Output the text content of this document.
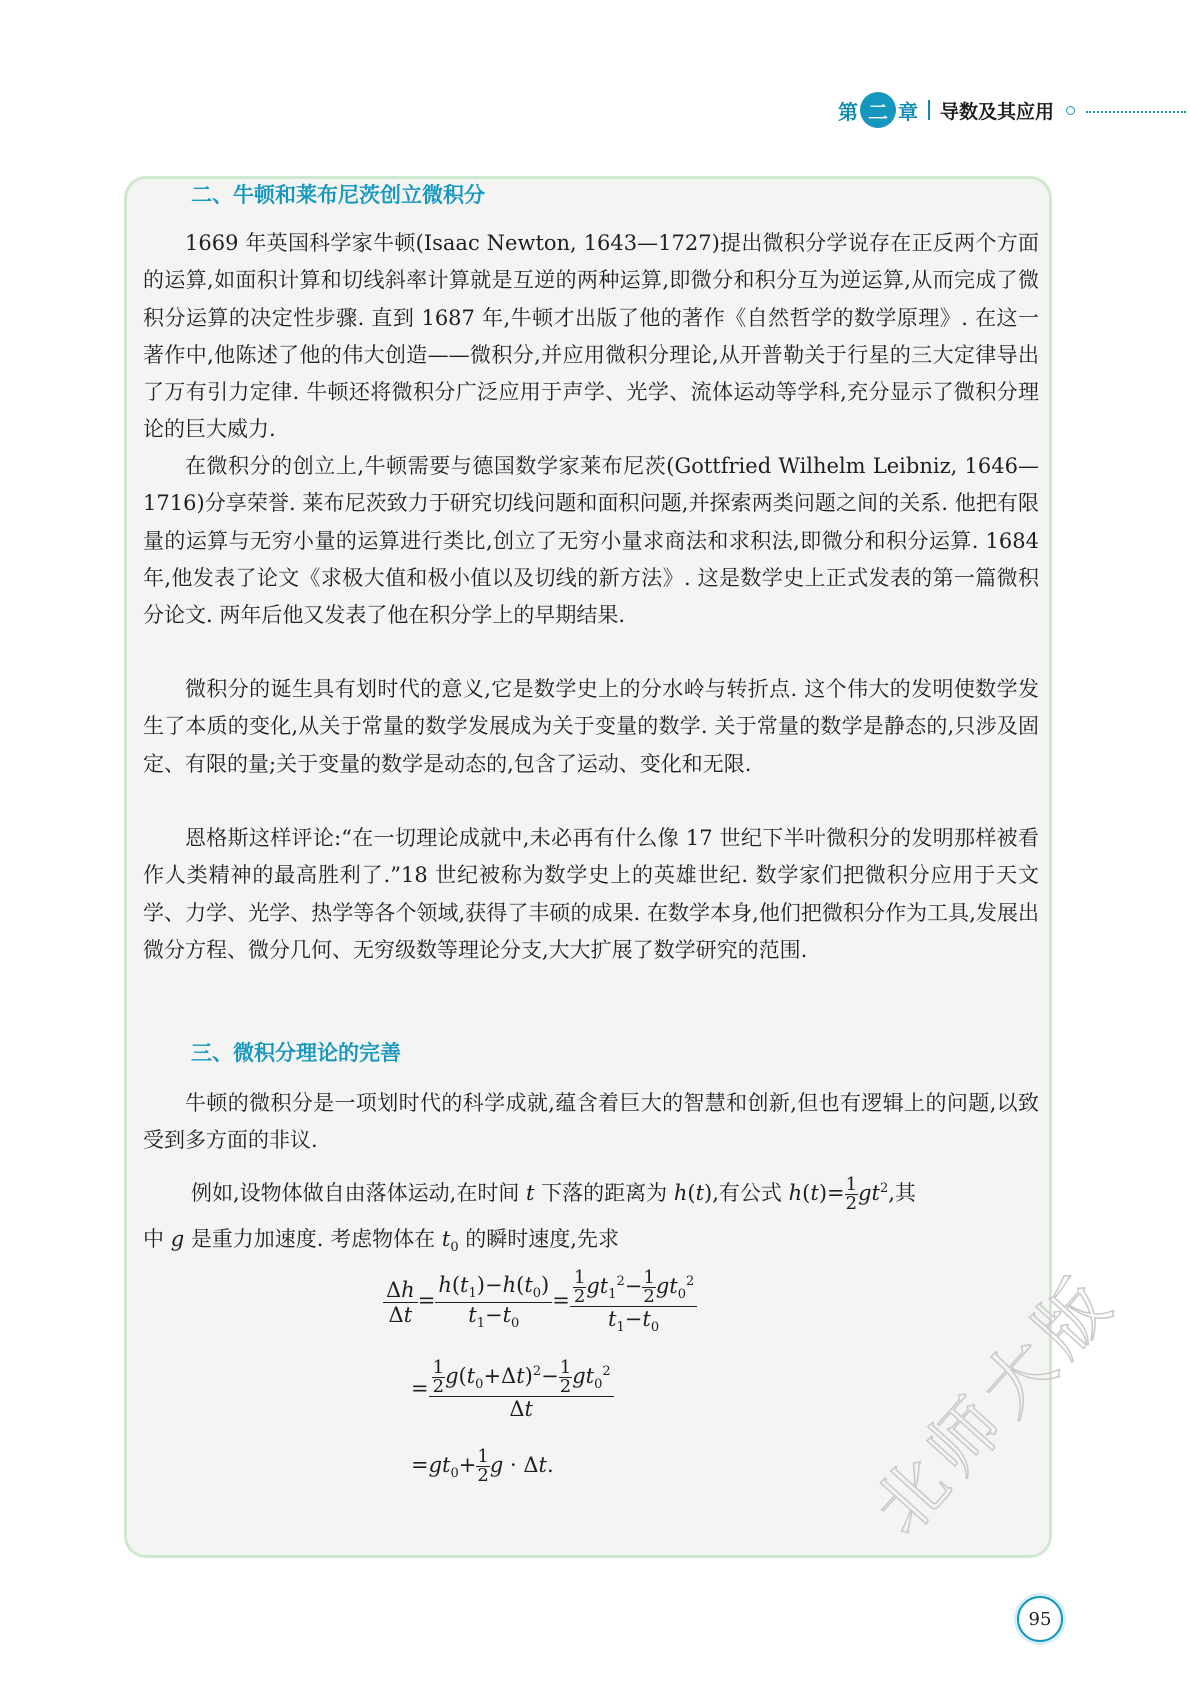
第 二 章 导数及其应用
二、牛顿和莱布尼茨创立微积分

1669 年英国科学家牛顿(Isaac Newton, 1643—1727)提出微积分学说存在正反两个方面的运算,如面积计算和切线斜率计算就是互逆的两种运算,即微分和积分互为逆运算,从而完成了微积分运算的决定性步骤. 直到 1687 年,牛顿才出版了他的著作《自然哲学的数学原理》. 在这一著作中,他陈述了他的伟大创造——微积分,并应用微积分理论,从开普勒关于行星的三大定律导出了万有引力定律. 牛顿还将微积分广泛应用于声学、光学、流体运动等学科,充分显示了微积分理论的巨大威力.

在微积分的创立上,牛顿需要与德国数学家莱布尼茨(Gottfried Wilhelm Leibniz, 1646—1716)分享荣誉. 莱布尼茨致力于研究切线问题和面积问题,并探索两类问题之间的关系. 他把有限量的运算与无穷小量的运算进行类比,创立了无穷小量求商法和求积法,即微分和积分运算. 1684 年,他发表了论文《求极大值和极小值以及切线的新方法》. 这是数学史上正式发表的第一篇微积分论文. 两年后他又发表了他在积分学上的早期结果.

微积分的诞生具有划时代的意义,它是数学史上的分水岭与转折点. 这个伟大的发明使数学发生了本质的变化,从关于常量的数学发展成为关于变量的数学. 关于常量的数学是静态的,只涉及固定、有限的量;关于变量的数学是动态的,包含了运动、变化和无限.

恩格斯这样评论:“在一切理论成就中,未必再有什么像 17 世纪下半叶微积分的发明那样被看作人类精神的最高胜利了.”18 世纪被称为数学史上的英雄世纪. 数学家们把微积分应用于天文学、力学、光学、热学等各个领域,获得了丰硕的成果. 在数学本身,他们把微积分作为工具,发展出微分方程、微分几何、无穷级数等理论分支,大大扩展了数学研究的范围.

三、微积分理论的完善

牛顿的微积分是一项划时代的科学成就,蕴含着巨大的智慧和创新,但也有逻辑上的问题,以致受到多方面的非议.

例如,设物体做自由落体运动,在时间 t 下落的距离为 h(t),有公式 $h(t)= \frac{1}{2} gt^2$,其
中 g 是重力加速度. 考虑物体在 $t_0$ 的瞬时速度,先求
$\frac{\Delta h}{\Delta t} = \frac{h(t_1)-h(t_0)}{t_1-t_0} = \frac{\frac{1}{2} gt_1^2- \frac{1}{2} gt_0^2}{t_1-t_0}$
= $\frac{\frac{1}{2} g(t_0+\Delta t)^2- \frac{1}{2} gt_0^2}{\Delta t}$
$=gt_0+ \frac{1}{2}$ g · Δt.	北师大版
95
